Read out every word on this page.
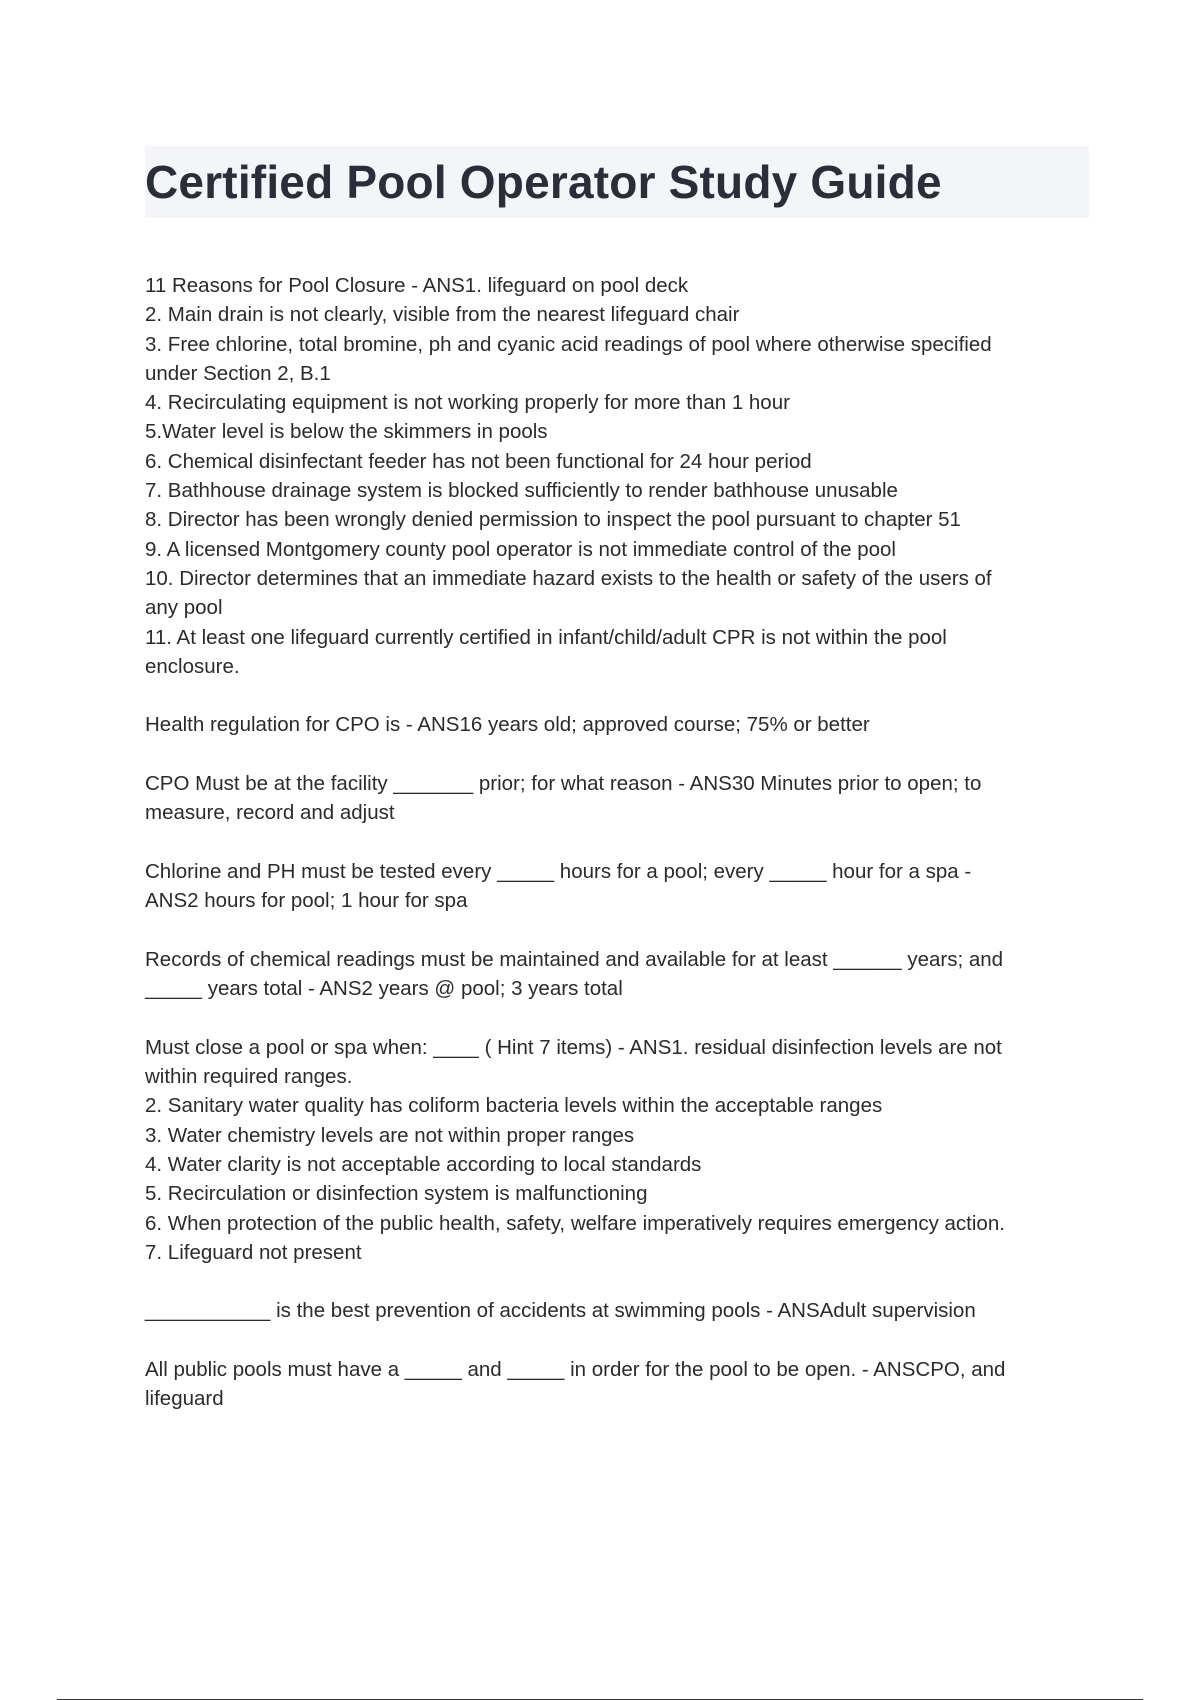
Certified Pool Operator Study Guide
11 Reasons for Pool Closure - ANS1. lifeguard on pool deck
2. Main drain is not clearly, visible from the nearest lifeguard chair
3. Free chlorine, total bromine, ph and cyanic acid readings of pool where otherwise specified
under Section 2, B.1
4. Recirculating equipment is not working properly for more than 1 hour
5.Water level is below the skimmers in pools
6. Chemical disinfectant feeder has not been functional for 24 hour period
7. Bathhouse drainage system is blocked sufficiently to render bathhouse unusable
8. Director has been wrongly denied permission to inspect the pool pursuant to chapter 51
9. A licensed Montgomery county pool operator is not immediate control of the pool
10. Director determines that an immediate hazard exists to the health or safety of the users of
any pool
11. At least one lifeguard currently certified in infant/child/adult CPR is not within the pool
enclosure.
Health regulation for CPO is - ANS16 years old; approved course; 75% or better
CPO Must be at the facility _______ prior; for what reason - ANS30 Minutes prior to open; to
measure, record and adjust
Chlorine and PH must be tested every _____ hours for a pool; every _____ hour for a spa -
ANS2 hours for pool; 1 hour for spa
Records of chemical readings must be maintained and available for at least ______ years; and
_____ years total - ANS2 years @ pool; 3 years total
Must close a pool or spa when: ____ ( Hint 7 items) - ANS1. residual disinfection levels are not
within required ranges.
2. Sanitary water quality has coliform bacteria levels within the acceptable ranges
3. Water chemistry levels are not within proper ranges
4. Water clarity is not acceptable according to local standards
5. Recirculation or disinfection system is malfunctioning
6. When protection of the public health, safety, welfare imperatively requires emergency action.
7. Lifeguard not present
___________ is the best prevention of accidents at swimming pools - ANSAdult supervision
All public pools must have a _____ and _____ in order for the pool to be open. - ANSCPO, and
lifeguard
